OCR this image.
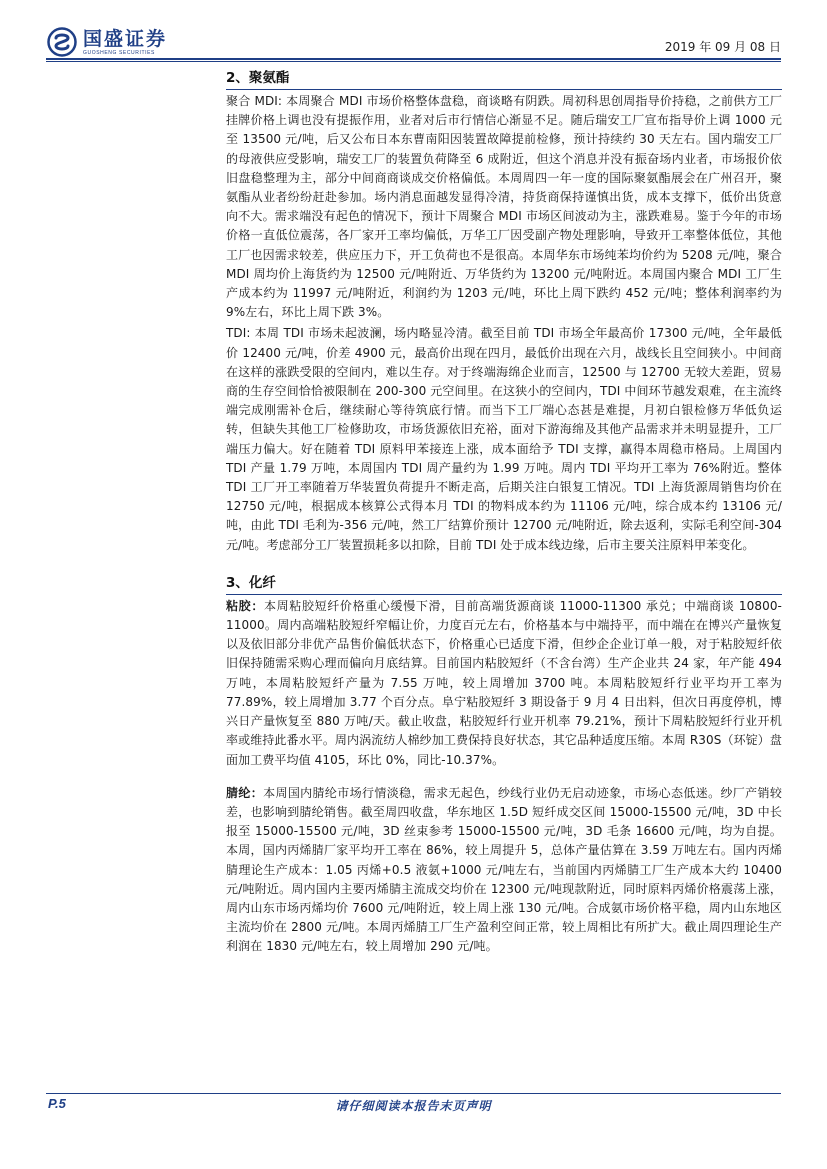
国盛证券
GUOSHENG SECURITIES	2019 年 09 月 08 日
2、聚氨酯

聚合 MDI: 本周聚合 MDI 市场价格整体盘稳，商谈略有阴跌。周初科思创周指导价持稳，之前供方工厂挂牌价格上调也没有提振作用，业者对后市行情信心渐显不足。随后瑞安工厂宣布指导价上调 1000 元至 13500 元/吨，后又公布日本东曹南阳因装置故障提前检修，预计持续约 30 天左右。国内瑞安工厂的母液供应受影响，瑞安工厂的装置负荷降至 6 成附近，但这个消息并没有振奋场内业者，市场报价依旧盘稳整理为主，部分中间商商谈成交价格偏低。本周周四一年一度的国际聚氨酯展会在广州召开，聚氨酯从业者纷纷赶赴参加。场内消息面越发显得冷清，持货商保持谨慎出货，成本支撑下，低价出货意向不大。需求端没有起色的情况下，预计下周聚合 MDI 市场区间波动为主，涨跌难易。鉴于今年的市场价格一直低位震荡，各厂家开工率均偏低，万华工厂因受副产物处理影响，导致开工率整体低位，其他工厂也因需求较差，供应压力下，开工负荷也不是很高。本周华东市场纯苯均价约为 5208 元/吨，聚合 MDI 周均价上海货约为 12500 元/吨附近、万华货约为 13200 元/吨附近。本周国内聚合 MDI 工厂生产成本约为 11997 元/吨附近，利润约为 1203 元/吨，环比上周下跌约 452 元/吨；整体利润率约为 9%左右，环比上周下跌 3%。

TDI: 本周 TDI 市场未起波澜，场内略显冷清。截至目前 TDI 市场全年最高价 17300 元/吨，全年最低价 12400 元/吨，价差 4900 元，最高价出现在四月，最低价出现在六月，战线长且空间狭小。中间商在这样的涨跌受限的空间内，难以生存。对于终端海绵企业而言，12500 与 12700 无较大差距，贸易商的生存空间恰恰被限制在 200-300 元空间里。在这狭小的空间内，TDI 中间环节越发艰难，在主流终端完成刚需补仓后，继续耐心等待筑底行情。而当下工厂端心态甚是难提，月初白银检修万华低负运转，但缺失其他工厂检修助攻，市场货源依旧充裕，面对下游海绵及其他产品需求并未明显提升，工厂端压力偏大。好在随着 TDI 原料甲苯接连上涨，成本面给予 TDI 支撑，赢得本周稳市格局。上周国内 TDI 产量 1.79 万吨，本周国内 TDI 周产量约为 1.99 万吨。周内 TDI 平均开工率为 76%附近。整体 TDI 工厂开工率随着万华装置负荷提升不断走高，后期关注白银复工情况。TDI 上海货源周销售均价在 12750 元/吨，根据成本核算公式得本月 TDI 的物料成本约为 11106 元/吨，综合成本约 13106 元/吨，由此 TDI 毛利为-356 元/吨，然工厂结算价预计 12700 元/吨附近，除去返利，实际毛利空间-304 元/吨。考虑部分工厂装置损耗多以扣除，目前 TDI 处于成本线边缘，后市主要关注原料甲苯变化。

3、化纤

粘胶：本周粘胶短纤价格重心缓慢下滑，目前高端货源商谈 11000-11300 承兑；中端商谈 10800-11000。周内高端粘胶短纤窄幅让价，力度百元左右，价格基本与中端持平，而中端在在博兴产量恢复以及依旧部分非优产品售价偏低状态下，价格重心已适度下滑，但纱企企业订单一般，对于粘胶短纤依旧保持随需采购心理而偏向月底结算。目前国内粘胶短纤（不含台湾）生产企业共 24 家，年产能 494 万吨，本周粘胶短纤产量为 7.55 万吨，较上周增加 3700 吨。本周粘胶短纤行业平均开工率为 77.89%，较上周增加 3.77 个百分点。阜宁粘胶短纤 3 期设备于 9 月 4 日出料，但次日再度停机，博兴日产量恢复至 880 万吨/天。截止收盘，粘胶短纤行业开机率 79.21%，预计下周粘胶短纤行业开机率或维持此番水平。周内涡流纺人棉纱加工费保持良好状态，其它品种适度压缩。本周 R30S（环锭）盘面加工费平均值 4105，环比 0%，同比-10.37%。

腈纶：本周国内腈纶市场行情淡稳，需求无起色，纱线行业仍无启动迹象，市场心态低迷。纱厂产销较差，也影响到腈纶销售。截至周四收盘，华东地区 1.5D 短纤成交区间 15000-15500 元/吨，3D 中长报至 15000-15500 元/吨，3D 丝束参考 15000-15500 元/吨，3D 毛条 16600 元/吨，均为自提。本周，国内丙烯腈厂家平均开工率在 86%，较上周提升 5，总体产量估算在 3.59 万吨左右。国内丙烯腈理论生产成本：1.05 丙烯+0.5 液氨+1000 元/吨左右，当前国内丙烯腈工厂生产成本大约 10400 元/吨附近。周内国内主要丙烯腈主流成交均价在 12300 元/吨现款附近，同时原料丙烯价格震荡上涨，周内山东市场丙烯均价 7600 元/吨附近，较上周上涨 130 元/吨。合成氨市场价格平稳，周内山东地区主流均价在 2800 元/吨。本周丙烯腈工厂生产盈利空间正常，较上周相比有所扩大。截止周四理论生产利润在 1830 元/吨左右，较上周增加 290 元/吨。

P.5	请仔细阅读本报告末页声明
